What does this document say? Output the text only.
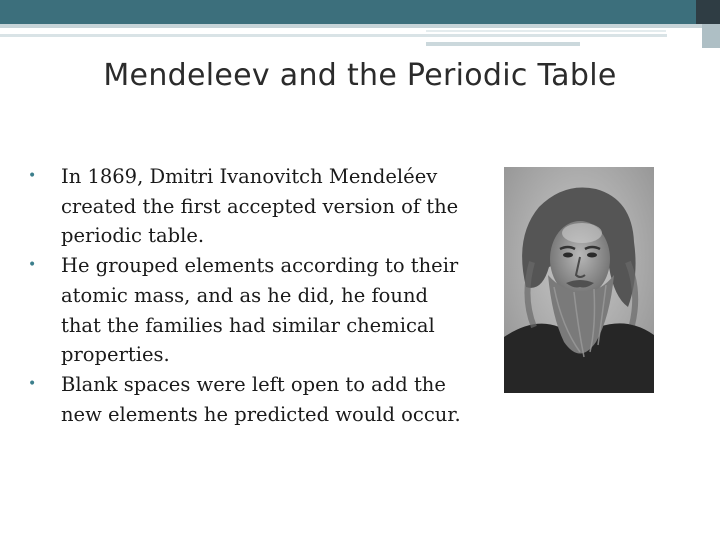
Mendeleev and the Periodic Table
• In 1869, Dmitri Ivanovitch Mendeléev created the first accepted version of the periodic table.
• He grouped elements according to their atomic mass, and as he did, he found that the families had similar chemical properties.
• Blank spaces were left open to add the new elements he predicted would occur.
